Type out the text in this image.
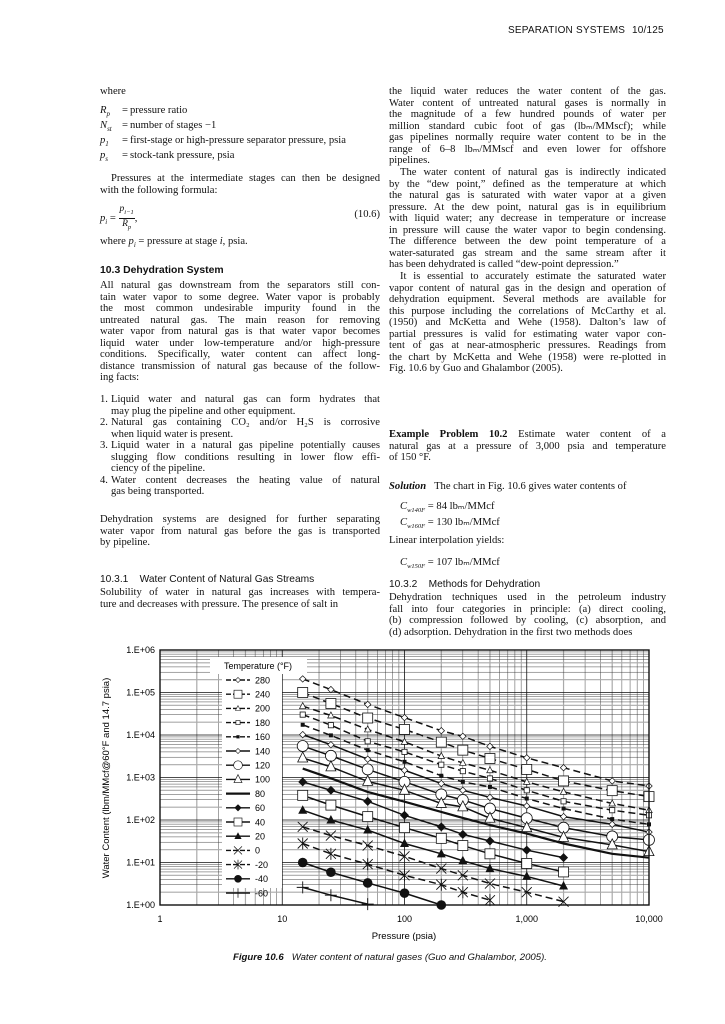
SEPARATION SYSTEMS 10/125
where
$R_p$	=	pressure ratio
$N_{st}$	=	number of stages −1
$p_1$	=	first-stage or high-pressure separator pressure, psia
$p_s$	=	stock-tank pressure, psia
Pressures at the intermediate stages can then be designed
with the following formula:
$p_i = \frac{p_{i-1}}{R_p}$ ,	(10.6)
where $p_i$ = pressure at stage i, psia.
10.3 Dehydration System
All natural gas downstream from the separators still con-
tain water vapor to some degree. Water vapor is probably
the most common undesirable impurity found in the
untreated natural gas. The main reason for removing
water vapor from natural gas is that water vapor becomes
liquid water under low-temperature and/or high-pressure
conditions. Specifically, water content can affect long-
distance transmission of natural gas because of the follow-
ing facts:
1. Liquid water and natural gas can form hydrates that
may plug the pipeline and other equipment.
2. Natural gas containing CO₂ and/or H₂S is corrosive
when liquid water is present.
3. Liquid water in a natural gas pipeline potentially causes
slugging flow conditions resulting in lower flow effi-
ciency of the pipeline.
4. Water content decreases the heating value of natural
gas being transported.
Dehydration systems are designed for further separating
water vapor from natural gas before the gas is transported
by pipeline.
10.3.1    Water Content of Natural Gas Streams
Solubility of water in natural gas increases with tempera-
ture and decreases with pressure. The presence of salt in
the liquid water reduces the water content of the gas.
Water content of untreated natural gases is normally in
the magnitude of a few hundred pounds of water per
million standard cubic foot of gas (lbₘ/MMscf); while
gas pipelines normally require water content to be in the
range of 6–8 lbₘ/MMscf and even lower for offshore
pipelines.
The water content of natural gas is indirectly indicated
by the “dew point,” defined as the temperature at which
the natural gas is saturated with water vapor at a given
pressure. At the dew point, natural gas is in equilibrium
with liquid water; any decrease in temperature or increase
in pressure will cause the water vapor to begin condensing.
The difference between the dew point temperature of a
water-saturated gas stream and the same stream after it
has been dehydrated is called “dew-point depression.”
It is essential to accurately estimate the saturated water
vapor content of natural gas in the design and operation of
dehydration equipment. Several methods are available for
this purpose including the correlations of McCarthy et al.
(1950) and McKetta and Wehe (1958). Dalton’s law of
partial pressures is valid for estimating water vapor con-
tent of gas at near-atmospheric pressures. Readings from
the chart by McKetta and Wehe (1958) were re-plotted in
Fig. 10.6 by Guo and Ghalambor (2005).
Example Problem 10.2 Estimate water content of a
natural gas at a pressure of 3,000 psia and temperature
of 150 °F.
Solution The chart in Fig. 10.6 gives water contents of
$C_{w140F} = 84$ lbₘ/MMcf
$C_{w160F} = 130$ lbₘ/MMcf
Linear interpolation yields:
$C_{w150F} = 107$ lbₘ/MMcf
10.3.2    Methods for Dehydration
Dehydration techniques used in the petroleum industry
fall into four categories in principle: (a) direct cooling,
(b) compression followed by cooling, (c) absorption, and
(d) adsorption. Dehydration in the first two methods does
1	10	100	1,000	10,000
1.E+00
1.E+01
1.E+02
1.E+03
1.E+04
1.E+05
1.E+06
Temperature (°F)
280
240
200
180
160
140
120
100
80
60
40
20
0
-20
-40
-60
Pressure (psia)
Water Content (lbm/MMcf@60°F and 14.7 psia)
Figure 10.6 Water content of natural gases (Guo and Ghalambor, 2005).
